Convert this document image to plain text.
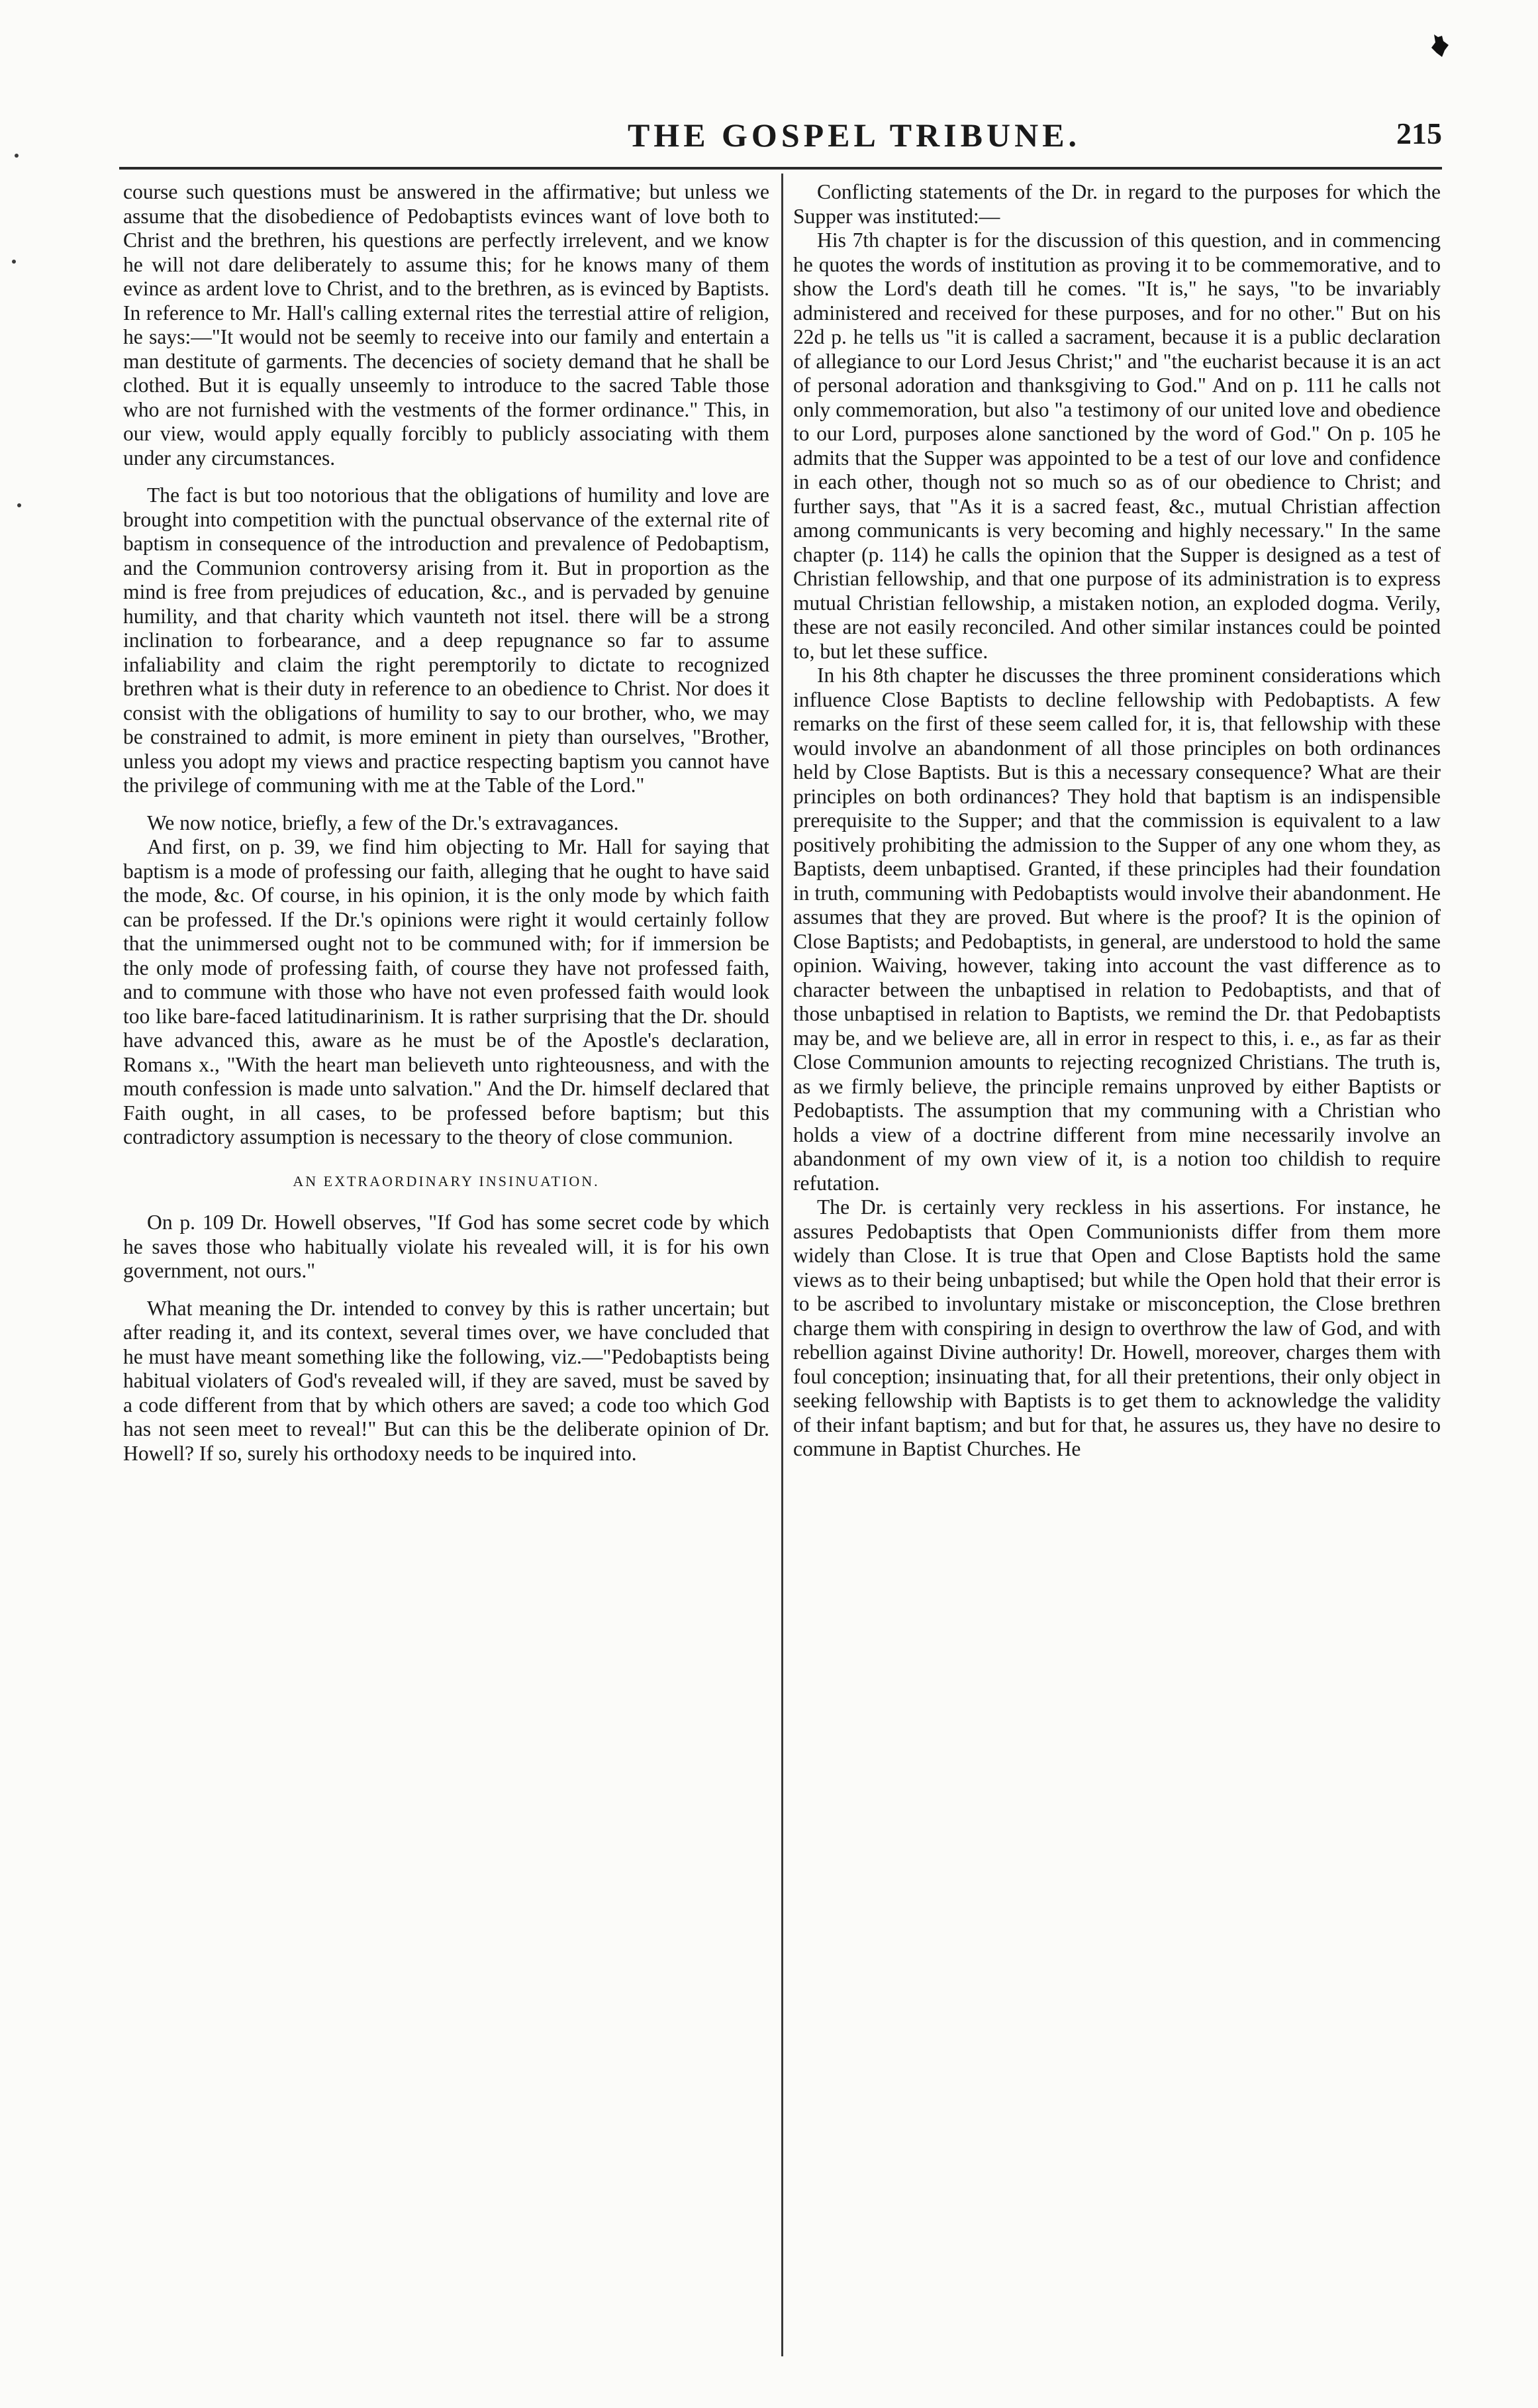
THE GOSPEL TRIBUNE.	215

course such questions must be answered in the affirmative; but unless we assume that the disobedience of Pedobaptists evinces want of love both to Christ and the brethren, his questions are perfectly irrelevent, and we know he will not dare deliberately to assume this; for he knows many of them evince as ardent love to Christ, and to the brethren, as is evinced by Baptists. In reference to Mr. Hall's calling external rites the terrestial attire of religion, he says:—"It would not be seemly to receive into our family and entertain a man destitute of garments. The decencies of society demand that he shall be clothed. But it is equally unseemly to introduce to the sacred Table those who are not furnished with the vestments of the former ordinance." This, in our view, would apply equally forcibly to publicly associating with them under any circumstances.

The fact is but too notorious that the obligations of humility and love are brought into competition with the punctual observance of the external rite of baptism in consequence of the introduction and prevalence of Pedobaptism, and the Communion controversy arising from it. But in proportion as the mind is free from prejudices of education, &c., and is pervaded by genuine humility, and that charity which vaunteth not itsel. there will be a strong inclination to forbearance, and a deep repugnance so far to assume infaliability and claim the right peremptorily to dictate to recognized brethren what is their duty in reference to an obedience to Christ. Nor does it consist with the obligations of humility to say to our brother, who, we may be constrained to admit, is more eminent in piety than ourselves, "Brother, unless you adopt my views and practice respecting baptism you cannot have the privilege of communing with me at the Table of the Lord."

We now notice, briefly, a few of the Dr.'s extravagances.

And first, on p. 39, we find him objecting to Mr. Hall for saying that baptism is a mode of professing our faith, alleging that he ought to have said the mode, &c. Of course, in his opinion, it is the only mode by which faith can be professed. If the Dr.'s opinions were right it would certainly follow that the unimmersed ought not to be communed with; for if immersion be the only mode of professing faith, of course they have not professed faith, and to commune with those who have not even professed faith would look too like bare-faced latitudinarinism. It is rather surprising that the Dr. should have advanced this, aware as he must be of the Apostle's declaration, Romans x., "With the heart man believeth unto righteousness, and with the mouth confession is made unto salvation." And the Dr. himself declared that Faith ought, in all cases, to be professed before baptism; but this contradictory assumption is necessary to the theory of close communion.

AN EXTRAORDINARY INSINUATION.

On p. 109 Dr. Howell observes, "If God has some secret code by which he saves those who habitually violate his revealed will, it is for his own government, not ours."

What meaning the Dr. intended to convey by this is rather uncertain; but after reading it, and its context, several times over, we have concluded that he must have meant something like the following, viz.—"Pedobaptists being habitual violaters of God's revealed will, if they are saved, must be saved by a code different from that by which others are saved; a code too which God has not seen meet to reveal!" But can this be the deliberate opinion of Dr. Howell? If so, surely his orthodoxy needs to be inquired into.

Conflicting statements of the Dr. in regard to the purposes for which the Supper was instituted:—

His 7th chapter is for the discussion of this question, and in commencing he quotes the words of institution as proving it to be commemorative, and to show the Lord's death till he comes. "It is," he says, "to be invariably administered and received for these purposes, and for no other." But on his 22d p. he tells us "it is called a sacrament, because it is a public declaration of allegiance to our Lord Jesus Christ;" and "the eucharist because it is an act of personal adoration and thanksgiving to God." And on p. 111 he calls not only commemoration, but also "a testimony of our united love and obedience to our Lord, purposes alone sanctioned by the word of God." On p. 105 he admits that the Supper was appointed to be a test of our love and confidence in each other, though not so much so as of our obedience to Christ; and further says, that "As it is a sacred feast, &c., mutual Christian affection among communicants is very becoming and highly necessary." In the same chapter (p. 114) he calls the opinion that the Supper is designed as a test of Christian fellowship, and that one purpose of its administration is to express mutual Christian fellowship, a mistaken notion, an exploded dogma. Verily, these are not easily reconciled. And other similar instances could be pointed to, but let these suffice.

In his 8th chapter he discusses the three prominent considerations which influence Close Baptists to decline fellowship with Pedobaptists. A few remarks on the first of these seem called for, it is, that fellowship with these would involve an abandonment of all those principles on both ordinances held by Close Baptists. But is this a necessary consequence? What are their principles on both ordinances? They hold that baptism is an indispensible prerequisite to the Supper; and that the commission is equivalent to a law positively prohibiting the admission to the Supper of any one whom they, as Baptists, deem unbaptised. Granted, if these principles had their foundation in truth, communing with Pedobaptists would involve their abandonment. He assumes that they are proved. But where is the proof? It is the opinion of Close Baptists; and Pedobaptists, in general, are understood to hold the same opinion. Waiving, however, taking into account the vast difference as to character between the unbaptised in relation to Pedobaptists, and that of those unbaptised in relation to Baptists, we remind the Dr. that Pedobaptists may be, and we believe are, all in error in respect to this, i. e., as far as their Close Communion amounts to rejecting recognized Christians. The truth is, as we firmly believe, the principle remains unproved by either Baptists or Pedobaptists. The assumption that my communing with a Christian who holds a view of a doctrine different from mine necessarily involve an abandonment of my own view of it, is a notion too childish to require refutation.

The Dr. is certainly very reckless in his assertions. For instance, he assures Pedobaptists that Open Communionists differ from them more widely than Close. It is true that Open and Close Baptists hold the same views as to their being unbaptised; but while the Open hold that their error is to be ascribed to involuntary mistake or misconception, the Close brethren charge them with conspiring in design to overthrow the law of God, and with rebellion against Divine authority! Dr. Howell, moreover, charges them with foul conception; insinuating that, for all their pretentions, their only object in seeking fellowship with Baptists is to get them to acknowledge the validity of their infant baptism; and but for that, he assures us, they have no desire to commune in Baptist Churches. He
